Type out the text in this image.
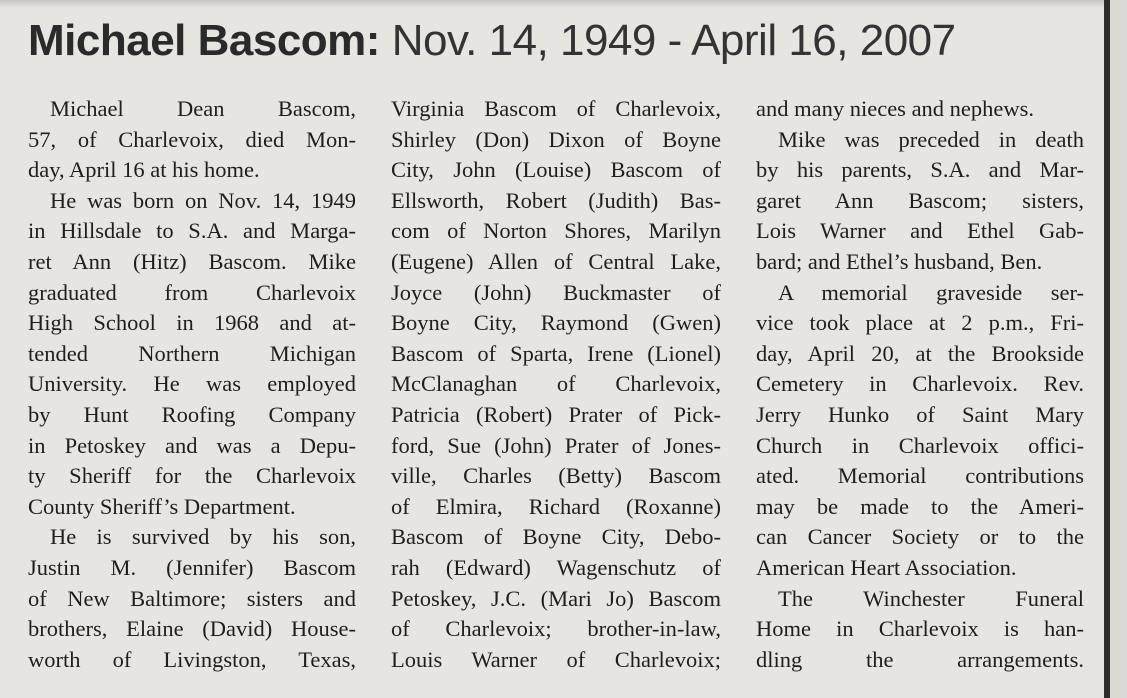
Michael Bascom: Nov. 14, 1949 - April 16, 2007
Michael Dean Bascom,
57, of Charlevoix, died Mon-
day, April 16 at his home.
He was born on Nov. 14, 1949
in Hillsdale to S.A. and Marga-
ret Ann (Hitz) Bascom. Mike
graduated from Charlevoix
High School in 1968 and at-
tended Northern Michigan
University. He was employed
by Hunt Roofing Company
in Petoskey and was a Depu-
ty Sheriff for the Charlevoix
County Sheriff’s Department.
He is survived by his son,
Justin M. (Jennifer) Bascom
of New Baltimore; sisters and
brothers, Elaine (David) House-
worth of Livingston, Texas,
Virginia Bascom of Charlevoix,
Shirley (Don) Dixon of Boyne
City, John (Louise) Bascom of
Ellsworth, Robert (Judith) Bas-
com of Norton Shores, Marilyn
(Eugene) Allen of Central Lake,
Joyce (John) Buckmaster of
Boyne City, Raymond (Gwen)
Bascom of Sparta, Irene (Lionel)
McClanaghan of Charlevoix,
Patricia (Robert) Prater of Pick-
ford, Sue (John) Prater of Jones-
ville, Charles (Betty) Bascom
of Elmira, Richard (Roxanne)
Bascom of Boyne City, Debo-
rah (Edward) Wagenschutz of
Petoskey, J.C. (Mari Jo) Bascom
of Charlevoix; brother-in-law,
Louis Warner of Charlevoix;
and many nieces and nephews.
Mike was preceded in death
by his parents, S.A. and Mar-
garet Ann Bascom; sisters,
Lois Warner and Ethel Gab-
bard; and Ethel’s husband, Ben.
A memorial graveside ser-
vice took place at 2 p.m., Fri-
day, April 20, at the Brookside
Cemetery in Charlevoix. Rev.
Jerry Hunko of Saint Mary
Church in Charlevoix offici-
ated. Memorial contributions
may be made to the Ameri-
can Cancer Society or to the
American Heart Association.
The Winchester Funeral
Home in Charlevoix is han-
dling the arrangements.
